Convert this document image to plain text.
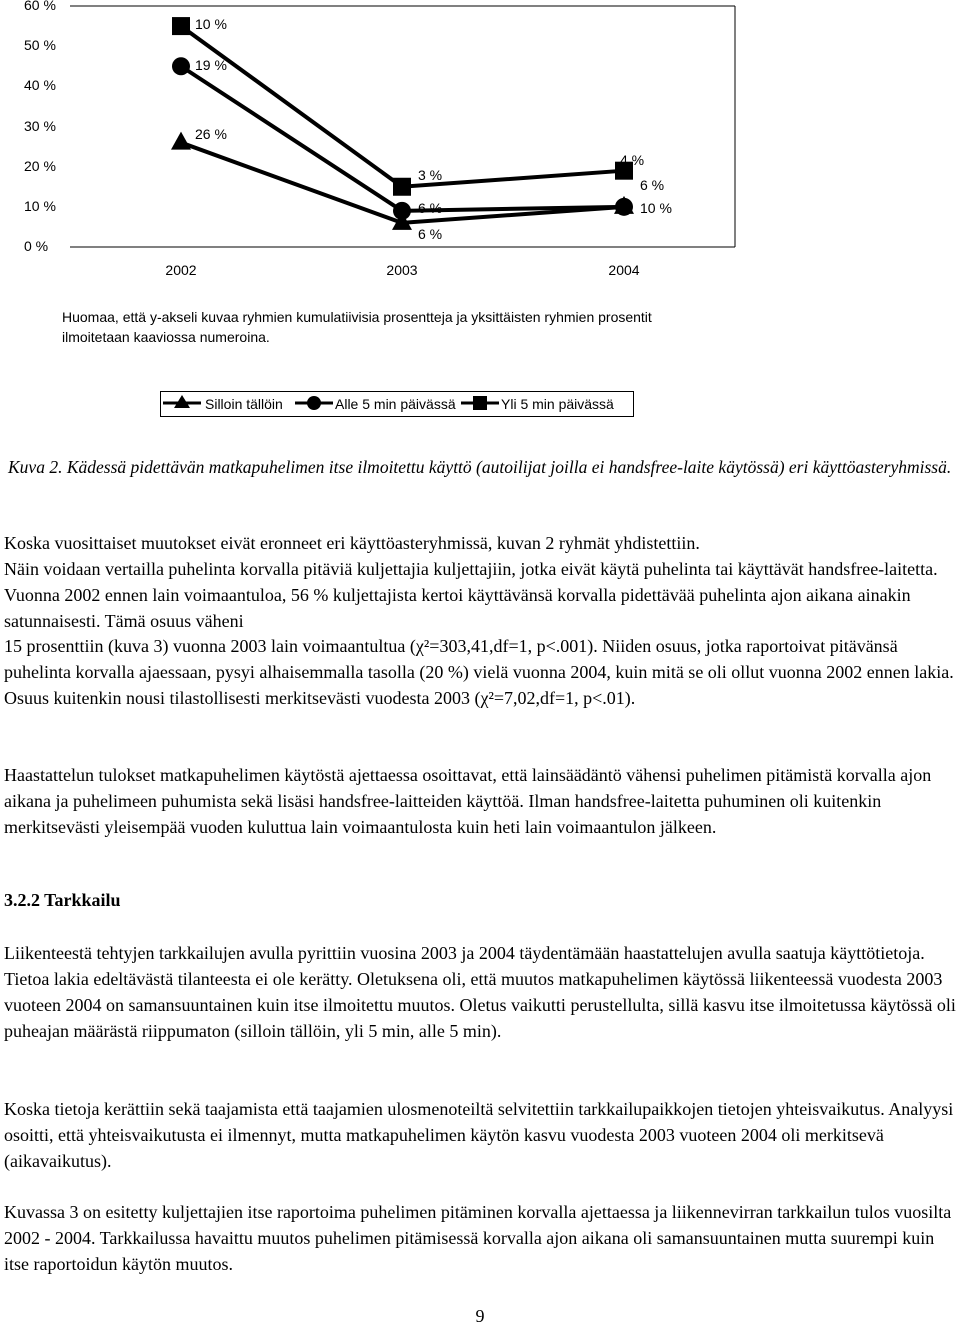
60 %
50 %
40 %
30 %
20 %
10 %
0 %
2002	2003	2004
26 %
6 %
10 %
19 %
6 %
6 %
10 %
3 %
4 %
Huomaa, että y-akseli kuvaa ryhmien kumulatiivisia prosentteja ja yksittäisten ryhmien prosentit ilmoitetaan kaaviossa numeroina.
Silloin tällöin	Alle 5 min päivässä	Yli 5 min päivässä
Kuva 2. Kädessä pidettävän matkapuhelimen itse ilmoitettu käyttö (autoilijat joilla ei handsfree-laite käytössä) eri käyttöasteryhmissä.

Koska vuosittaiset muutokset eivät eronneet eri käyttöasteryhmissä, kuvan 2 ryhmät yhdistettiin.

Näin voidaan vertailla puhelinta korvalla pitäviä kuljettajia kuljettajiin, jotka eivät käytä puhelinta tai käyttävät handsfree-laitetta. Vuonna 2002 ennen lain voimaantuloa, 56 % kuljettajista kertoi käyttävänsä korvalla pidettävää puhelinta ajon aikana ainakin satunnaisesti. Tämä osuus väheni

15 prosenttiin (kuva 3) vuonna 2003 lain voimaantultua (χ²=303,41,df=1, p<.001). Niiden osuus, jotka raportoivat pitävänsä puhelinta korvalla ajaessaan, pysyi alhaisemmalla tasolla (20 %) vielä vuonna 2004, kuin mitä se oli ollut vuonna 2002 ennen lakia. Osuus kuitenkin nousi tilastollisesti merkitsevästi vuodesta 2003 (χ²=7,02,df=1, p<.01).

Haastattelun tulokset matkapuhelimen käytöstä ajettaessa osoittavat, että lainsäädäntö vähensi puhelimen pitämistä korvalla ajon aikana ja puhelimeen puhumista sekä lisäsi handsfree-laitteiden käyttöä. Ilman handsfree-laitetta puhuminen oli kuitenkin merkitsevästi yleisempää vuoden kuluttua lain voimaantulosta kuin heti lain voimaantulon jälkeen.

3.2.2 Tarkkailu

Liikenteestä tehtyjen tarkkailujen avulla pyrittiin vuosina 2003 ja 2004 täydentämään haastattelujen avulla saatuja käyttötietoja. Tietoa lakia edeltävästä tilanteesta ei ole kerätty. Oletuksena oli, että muutos matkapuhelimen käytössä liikenteessä vuodesta 2003 vuoteen 2004 on samansuuntainen kuin itse ilmoitettu muutos. Oletus vaikutti perustellulta, sillä kasvu itse ilmoitetussa käytössä oli puheajan määrästä riippumaton (silloin tällöin, yli 5 min, alle 5 min).

Koska tietoja kerättiin sekä taajamista että taajamien ulosmenoteiltä selvitettiin tarkkailupaikkojen tietojen yhteisvaikutus. Analyysi osoitti, että yhteisvaikutusta ei ilmennyt, mutta matkapuhelimen käytön kasvu vuodesta 2003 vuoteen 2004 oli merkitsevä (aikavaikutus).

Kuvassa 3 on esitetty kuljettajien itse raportoima puhelimen pitäminen korvalla ajettaessa ja liikennevirran tarkkailun tulos vuosilta 2002 - 2004. Tarkkailussa havaittu muutos puhelimen pitämisessä korvalla ajon aikana oli samansuuntainen mutta suurempi kuin itse raportoidun käytön muutos.

9
